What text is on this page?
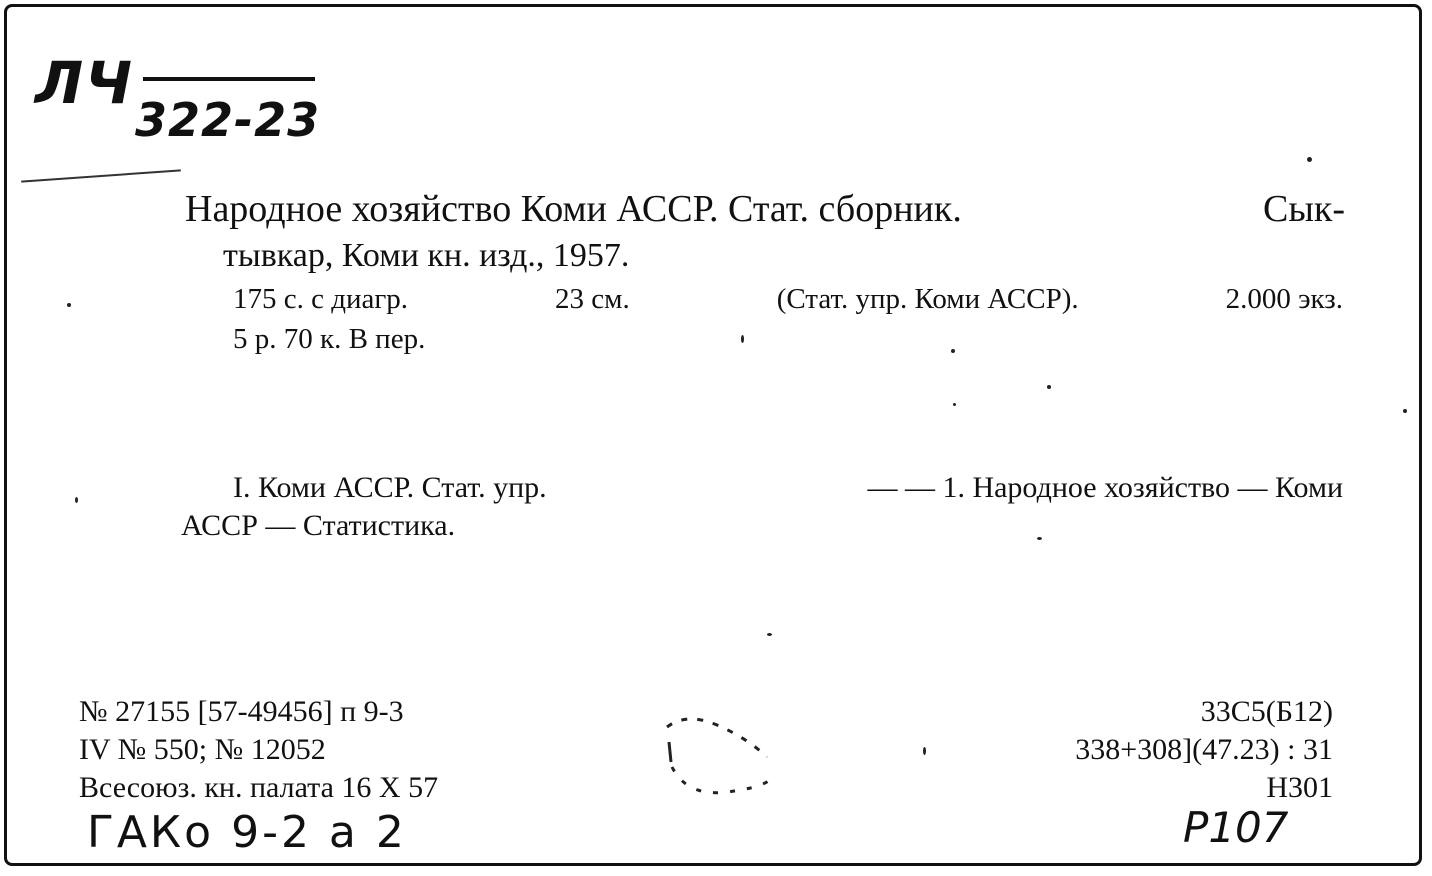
ЛЧ
322-23
Народное хозяйство Коми АССР. Стат. сборник.	Сык-
тывкар, Коми кн. изд., 1957.
175 с. с диагр.	23 см.	(Стат. упр. Коми АССР).	2.000 экз.
5 р. 70 к. В пер.
I. Коми АССР. Стат. упр.	— — 1. Народное хозяйство — Коми
АССР — Статистика.
№ 27155 [57-49456] п 9-3
IV № 550; № 12052
Всесоюз. кн. палата 16 X 57
33С5(Б12)
338+308](47.23) : 31
Н301
ГАКо 9-2 а 2	P107
